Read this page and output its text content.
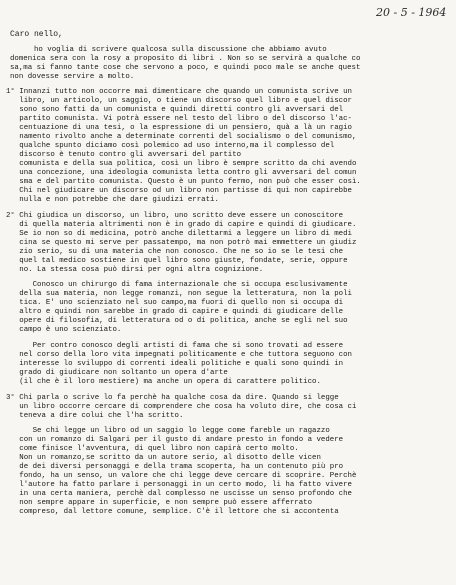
20 - 5 - 1964
Caro nello,
ho voglia di scrivere qualcosa sulla discussione che abbiamo avuto
domenica sera con la rosy a proposito di libri . Non so se servirà a qualche co
sa,ma si fanno tante cose che servono a poco, e quindi poco male se anche quest
non dovesse servire a molto.
1° Innanzi tutto non occorre mai dimenticare che quando un comunista scrive un
libro, un articolo, un saggio, o tiene un discorso quel libro e quel discor
sono sono fatti da un comunista e quindi diretti contro gli avversari del
partito comunista. Vi potrà essere nel testo del libro o del discorso l'ac-
centuazione di una tesi, o la espressione di un pensiero, quà a là un ragio
namento rivolto anche a determinate correnti del socialismo o del comunismo,
qualche spunto diciamo così polemico ad uso interno,ma il complesso del
discorso è tenuto contro gli avversari del partito
comunista e della sua politica, così un libro è sempre scritto da chi avendo
una concezione, una ideologia comunista letta contro gli avversari del comun
sma e del partito comunista. Questo è un punto fermo, non può che esser così.
Chi nel giudicare un discorso od un libro non partisse di qui non capirebbe
nulla e non potrebbe che dare giudizi errati.
2° Chi giudica un discorso, un libro, uno scritto deve essere un conoscitore
di quella materia altrimenti non è in grado di capire e quindi di giudicare.
Se io non so di medicina, potrò anche dilettarmi a leggere un libro di medi
cina se questo mi serve per passatempo, ma non potrò mai emmettere un giudiz
zio serio, su di una materia che non conosco. Che ne so io se le tesi che
quel tal medico sostiene in quel libro sono giuste, fondate, serie, oppure
no. La stessa cosa può dirsi per ogni altra cognizione.
Conosco un chirurgo di fama internazionale che si occupa esclusivamente
della sua materia, non legge romanzi, non segue la letteratura, non la poli
tica. E' uno scienziato nel suo campo,ma fuori di quello non si occupa di
altro e quindi non sarebbe in grado di capire e quindi di giudicare delle
opere di filosofia, di letteratura od o di politica, anche se egli nel suo
campo è uno scienziato.
Per contro conosco degli artisti di fama che si sono trovati ad essere
nel corso della loro vita impegnati politicamente e che tuttora seguono con
interesse lo sviluppo di correnti ideali politiche e quali sono quindi in
grado di giudicare non soltanto un opera d'arte
(il che è il loro mestiere) ma anche un opera di carattere politico.
3° Chi parla o scrive lo fa perchè ha qualche cosa da dire. Quando si legge
un libro occorre cercare di comprendere che cosa ha voluto dire, che cosa ci
teneva a dire colui che l'ha scritto.
Se chi legge un libro od un saggio lo legge come fareble un ragazzo
con un romanzo di Salgari per il gusto di andare presto in fondo a vedere
come finisce l'avventura, di quel libro non capirà certo molto.
Non un romanzo,se scritto da un autore serio, al disotto delle vicen
de dei diversi personaggi e della trama scoperta, ha un contenuto più pro
fondo, ha un senso, un valore che chi legge deve cercare di scoprire. Perchè
l'autore ha fatto parlare i personaggi in un certo modo, li ha fatto vivere
in una certa maniera, perchè dal complesso ne uscisse un senso profondo che
non sempre appare in superficie, e non sempre può essere afferrato
compreso, dal lettore comune, semplice. C'è il lettore che si accontenta
